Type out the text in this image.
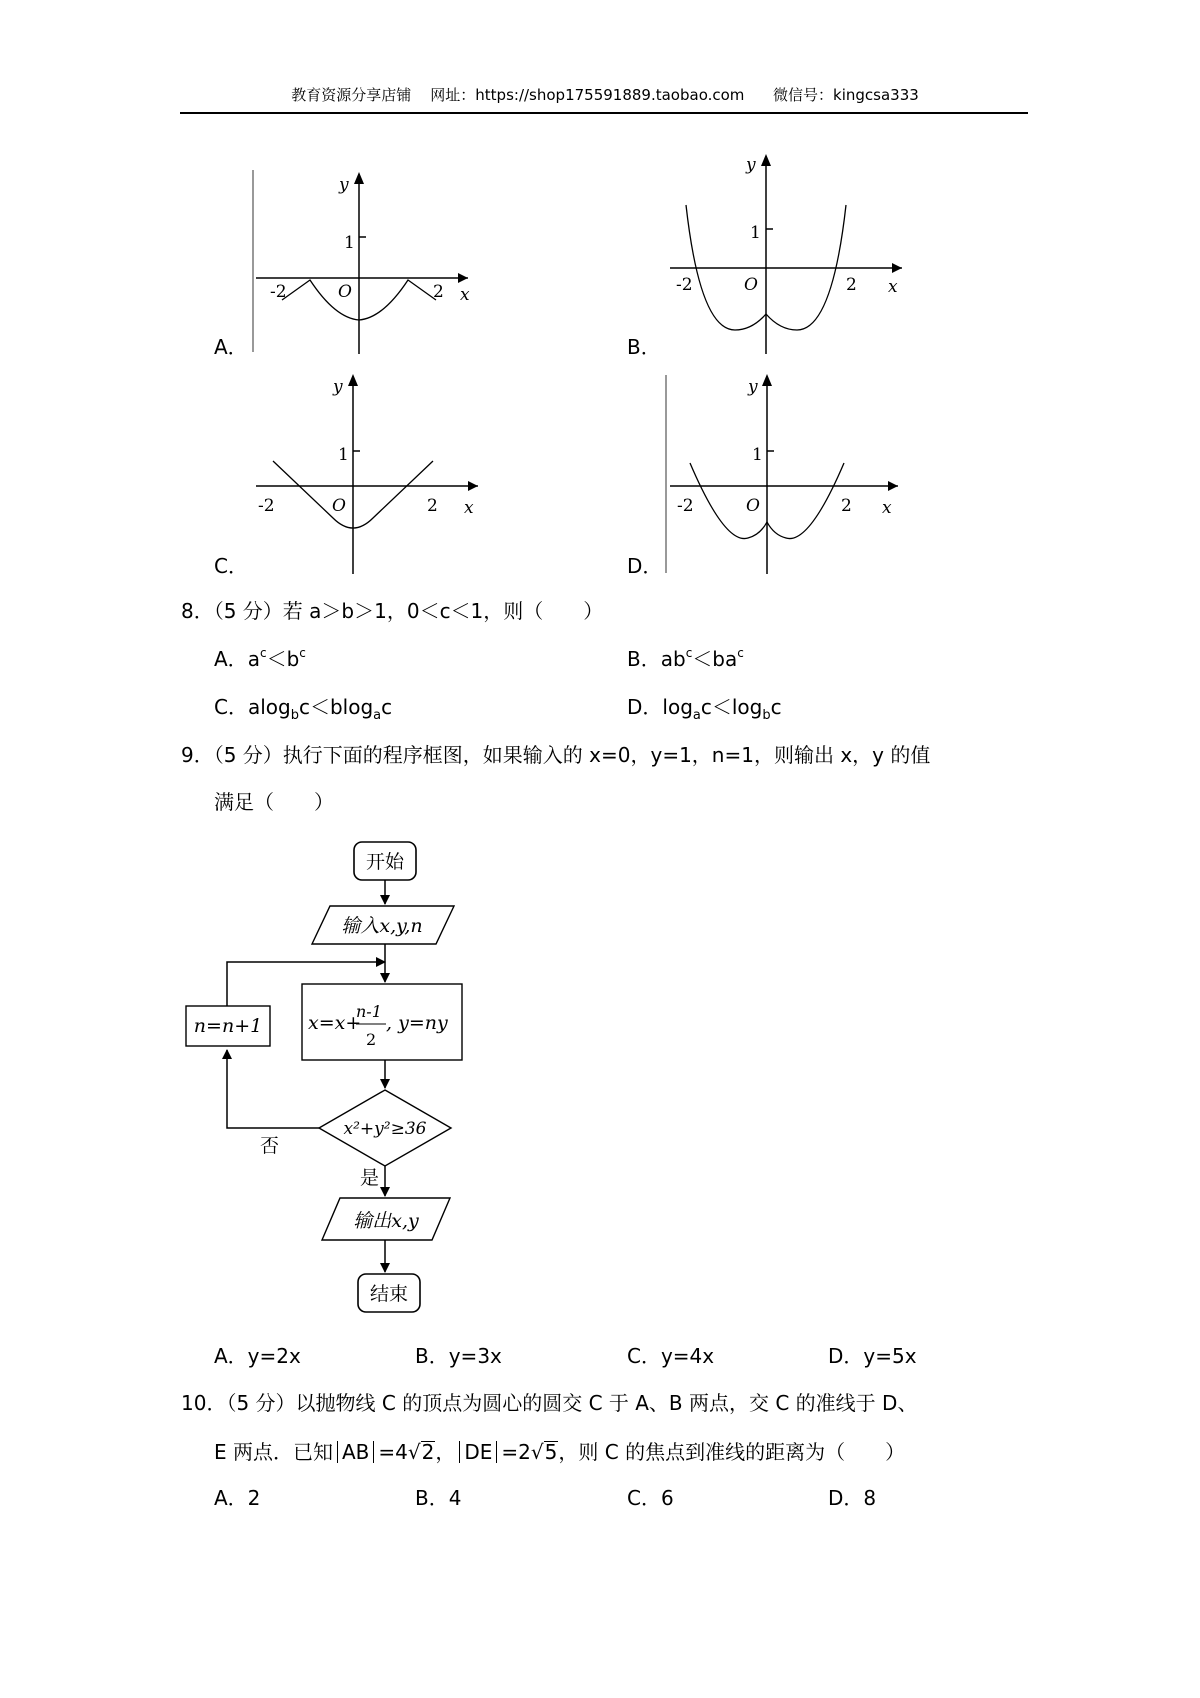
教育资源分享店铺 网址：https://shop175591889.taobao.com 微信号：kingcsa333
y
1
-2	O	2 x
y
1
-2	O	2 x
y
1
-2	O	2 x
y
1
-2	O	2 x
A．	B．
C．	D．
8．（5 分）若 a＞b＞1，0＜c＜1，则（　　）
A．$a^c<b^c$	B．$ab^c<ba^c$
C．alog$_b$c＜blog$_a$c	D．$\log_ac<\log_bc$
9．（5 分）执行下面的程序框图，如果输入的 x=0，y=1，n=1，则输出 x，y 的值
满足（　　）
开始
输入x,y,n
x=x+
n-1
2
, y=ny
x²+y²≥36
否
n=n+1
是
输出x,y
结束
A．y=2x	B．y=3x	C．y=4x	D．y=5x
10．（5 分）以抛物线 C 的顶点为圆心的圆交 C 于 A、B 两点，交 C 的准线于 D、
E 两点．已知 AB =4√2， DE =2√5，则 C 的焦点到准线的距离为（　　）
A．2	B．4	C．6	D．8
